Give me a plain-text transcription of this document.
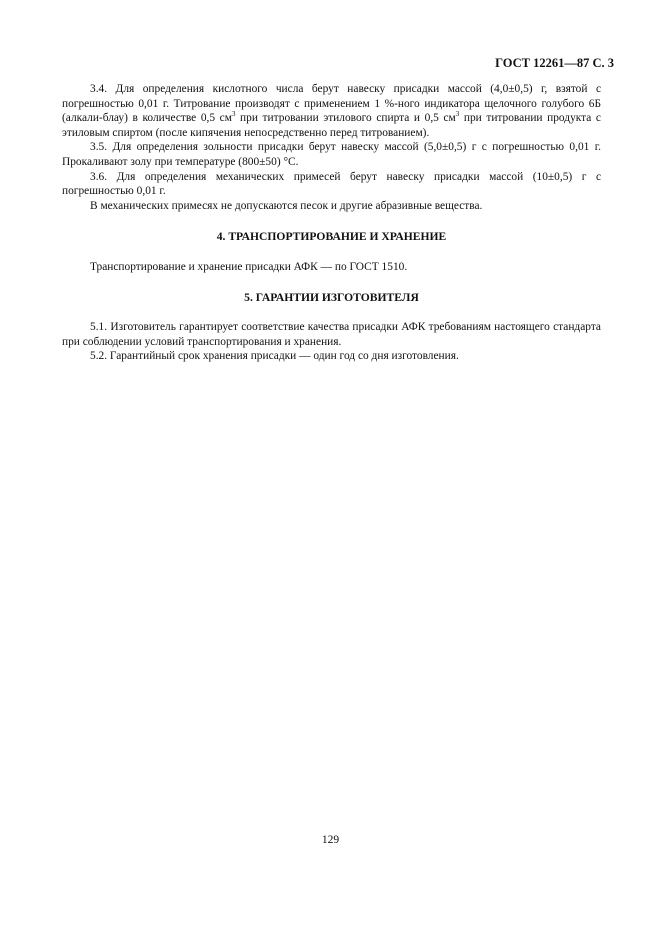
ГОСТ 12261—87 С. 3

3.4. Для определения кислотного числа берут навеску присадки массой (4,0±0,5) г, взятой с погрешностью 0,01 г. Титрование производят с применением 1 %-ного индикатора щелочного голубого 6Б (алкали-блау) в количестве 0,5 $см^3$ при титровании этилового спирта и 0,5 $см^3$ при титровании продукта с этиловым спиртом (после кипячения непосредственно перед титрованием).

3.5. Для определения зольности присадки берут навеску массой (5,0±0,5) г с погрешностью 0,01 г. Прокаливают золу при температуре (800±50) °С.

3.6. Для определения механических примесей берут навеску присадки массой (10±0,5) г с погрешностью 0,01 г.

В механических примесях не допускаются песок и другие абразивные вещества.

4. ТРАНСПОРТИРОВАНИЕ И ХРАНЕНИЕ

Транспортирование и хранение присадки АФК — по ГОСТ 1510.

5. ГАРАНТИИ ИЗГОТОВИТЕЛЯ

5.1. Изготовитель гарантирует соответствие качества присадки АФК требованиям настоящего стандарта при соблюдении условий транспортирования и хранения.

5.2. Гарантийный срок хранения присадки — один год со дня изготовления.

129
